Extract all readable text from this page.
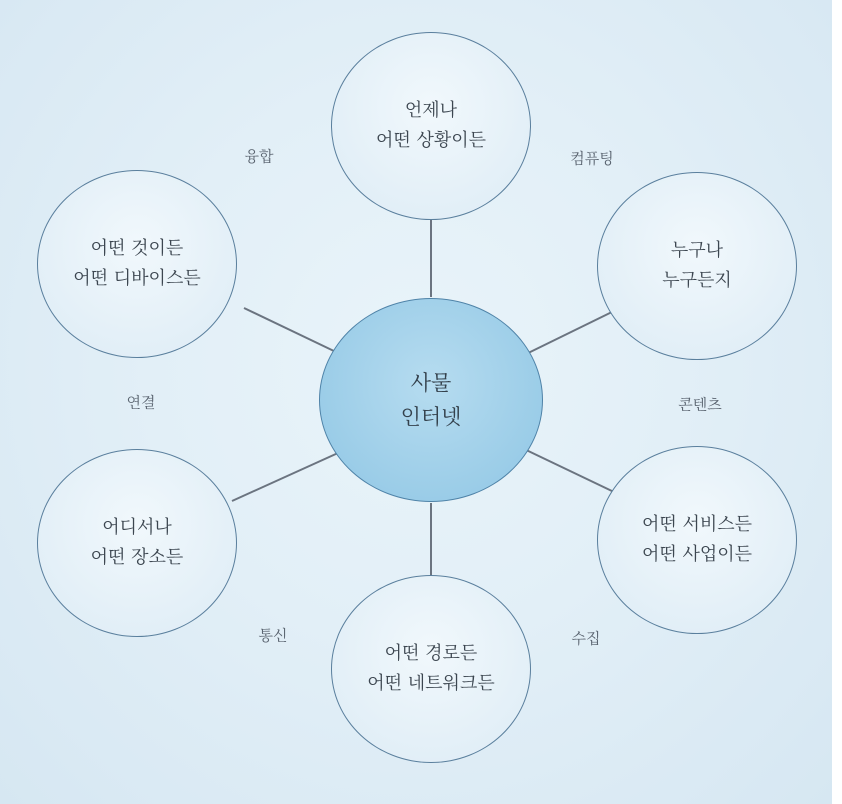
언제나
어떤 상황이든
누구나
누구든지
어떤 서비스든
어떤 사업이든
어떤 경로든
어떤 네트워크든
어디서나
어떤 장소든
어떤 것이든
어떤 디바이스든
사물
인터넷
융합	컴퓨팅
연결	콘텐츠
통신	수집
